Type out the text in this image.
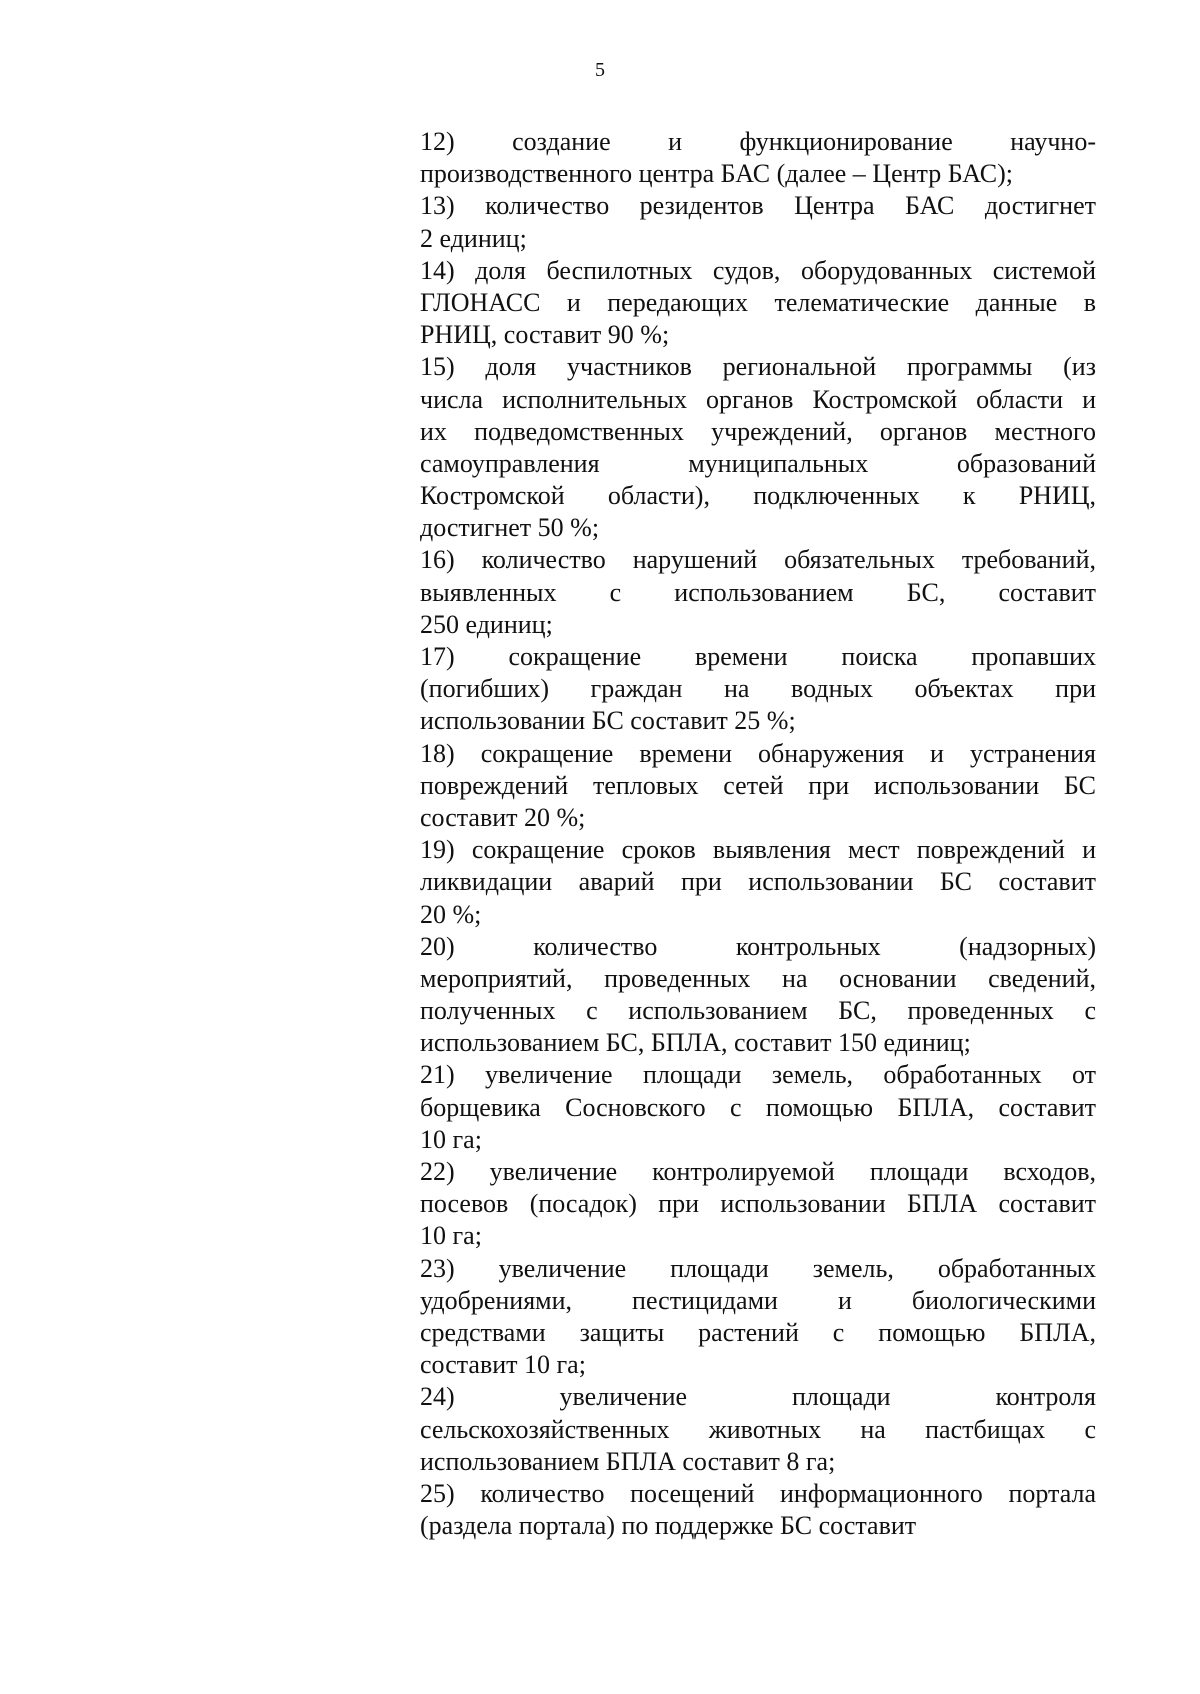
5
12) создание и функционирование научно-
производственного центра БАС (далее – Центр БАС);
13) количество резидентов Центра БАС достигнет
2 единиц;
14) доля беспилотных судов, оборудованных системой
ГЛОНАСС и передающих телематические данные в
РНИЦ, составит 90 %;
15) доля участников региональной программы (из
числа исполнительных органов Костромской области и
их подведомственных учреждений, органов местного
самоуправления муниципальных образований
Костромской области), подключенных к РНИЦ,
достигнет 50 %;
16) количество нарушений обязательных требований,
выявленных с использованием БС, составит
250 единиц;
17) сокращение времени поиска пропавших
(погибших) граждан на водных объектах при
использовании БС составит 25 %;
18) сокращение времени обнаружения и устранения
повреждений тепловых сетей при использовании БС
составит 20 %;
19) сокращение сроков выявления мест повреждений и
ликвидации аварий при использовании БС составит
20 %;
20) количество контрольных (надзорных)
мероприятий, проведенных на основании сведений,
полученных с использованием БС, проведенных с
использованием БС, БПЛА, составит 150 единиц;
21) увеличение площади земель, обработанных от
борщевика Сосновского с помощью БПЛА, составит
10 га;
22) увеличение контролируемой площади всходов,
посевов (посадок) при использовании БПЛА составит
10 га;
23) увеличение площади земель, обработанных
удобрениями, пестицидами и биологическими
средствами защиты растений с помощью БПЛА,
составит 10 га;
24) увеличение площади контроля
сельскохозяйственных животных на пастбищах с
использованием БПЛА составит 8 га;
25) количество посещений информационного портала
(раздела портала) по поддержке БС составит
